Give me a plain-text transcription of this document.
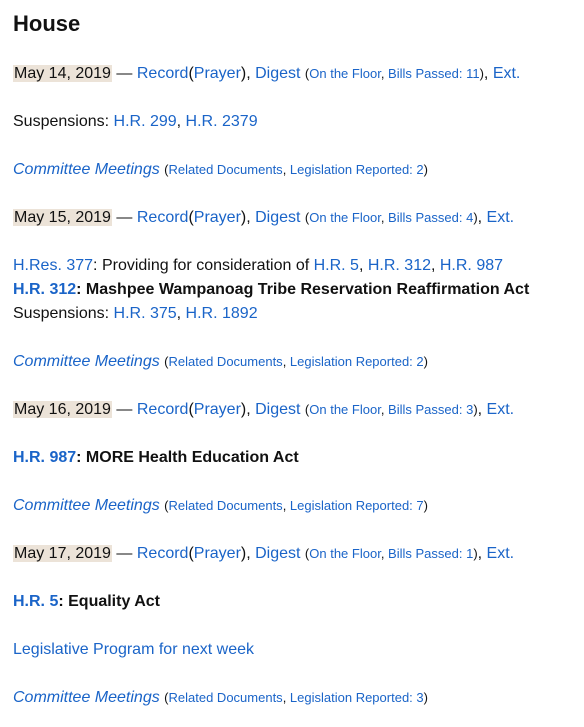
House
May 14, 2019 — Record(Prayer), Digest (On the Floor, Bills Passed: 11), Ext.
Suspensions: H.R. 299, H.R. 2379
Committee Meetings (Related Documents, Legislation Reported: 2)
May 15, 2019 — Record(Prayer), Digest (On the Floor, Bills Passed: 4), Ext.
H.Res. 377: Providing for consideration of H.R. 5, H.R. 312, H.R. 987
H.R. 312: Mashpee Wampanoag Tribe Reservation Reaffirmation Act
Suspensions: H.R. 375, H.R. 1892
Committee Meetings (Related Documents, Legislation Reported: 2)
May 16, 2019 — Record(Prayer), Digest (On the Floor, Bills Passed: 3), Ext.
H.R. 987: MORE Health Education Act
Committee Meetings (Related Documents, Legislation Reported: 7)
May 17, 2019 — Record(Prayer), Digest (On the Floor, Bills Passed: 1), Ext.
H.R. 5: Equality Act
Legislative Program for next week
Committee Meetings (Related Documents, Legislation Reported: 3)
